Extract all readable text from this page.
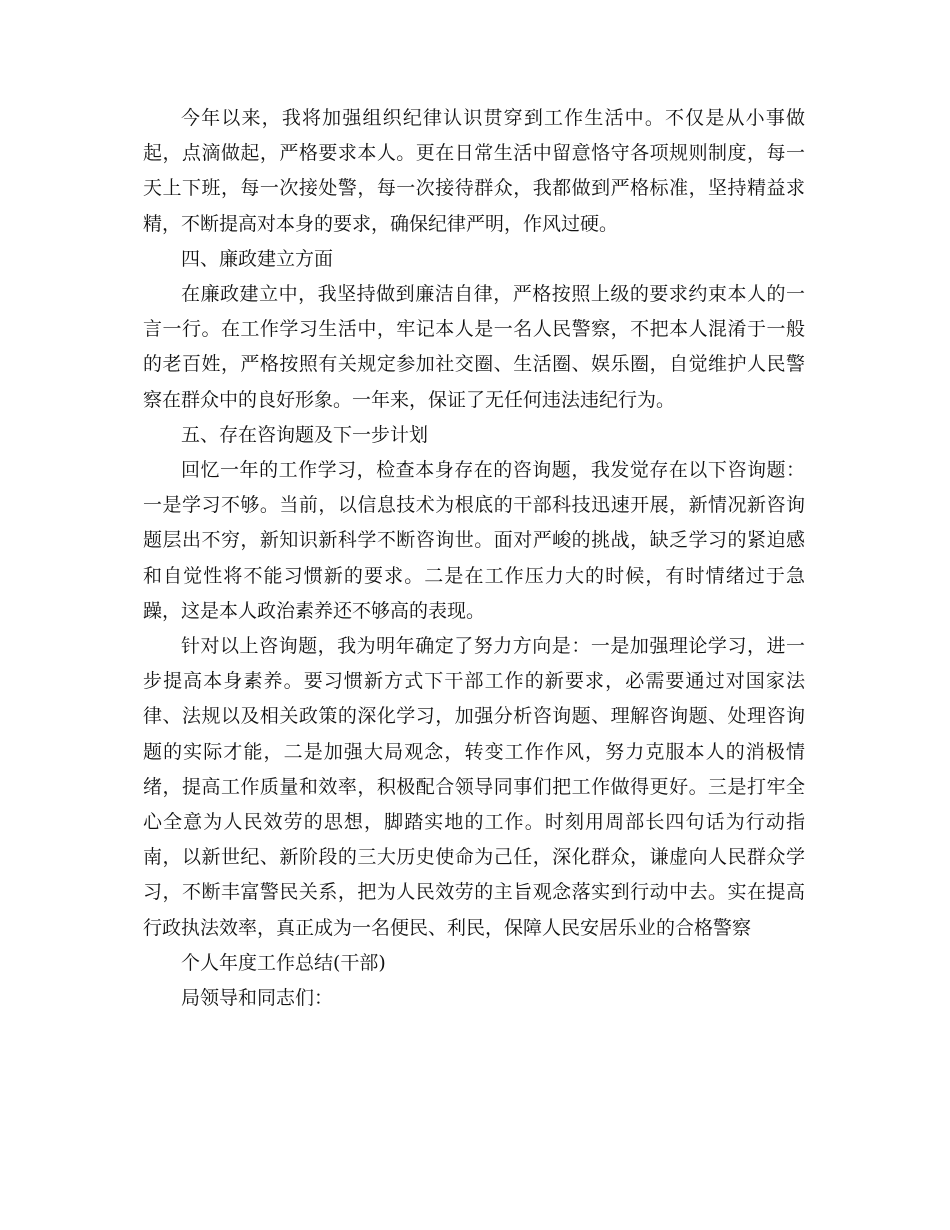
今年以来，我将加强组织纪律认识贯穿到工作生活中。不仅是从小事做起，点滴做起，严格要求本人。更在日常生活中留意恪守各项规则制度，每一天上下班，每一次接处警，每一次接待群众，我都做到严格标准，坚持精益求精，不断提高对本身的要求，确保纪律严明，作风过硬。

四、廉政建立方面

在廉政建立中，我坚持做到廉洁自律，严格按照上级的要求约束本人的一言一行。在工作学习生活中，牢记本人是一名人民警察，不把本人混淆于一般的老百姓，严格按照有关规定参加社交圈、生活圈、娱乐圈，自觉维护人民警察在群众中的良好形象。一年来，保证了无任何违法违纪行为。

五、存在咨询题及下一步计划

回忆一年的工作学习，检查本身存在的咨询题，我发觉存在以下咨询题：一是学习不够。当前，以信息技术为根底的干部科技迅速开展，新情况新咨询题层出不穷，新知识新科学不断咨询世。面对严峻的挑战，缺乏学习的紧迫感和自觉性将不能习惯新的要求。二是在工作压力大的时候，有时情绪过于急躁，这是本人政治素养还不够高的表现。

针对以上咨询题，我为明年确定了努力方向是：一是加强理论学习，进一步提高本身素养。要习惯新方式下干部工作的新要求，必需要通过对国家法律、法规以及相关政策的深化学习，加强分析咨询题、理解咨询题、处理咨询题的实际才能，二是加强大局观念，转变工作作风，努力克服本人的消极情绪，提高工作质量和效率，积极配合领导同事们把工作做得更好。三是打牢全心全意为人民效劳的思想，脚踏实地的工作。时刻用周部长四句话为行动指南，以新世纪、新阶段的三大历史使命为己任，深化群众，谦虚向人民群众学习，不断丰富警民关系，把为人民效劳的主旨观念落实到行动中去。实在提高行政执法效率，真正成为一名便民、利民，保障人民安居乐业的合格警察

个人年度工作总结(干部)

局领导和同志们：
